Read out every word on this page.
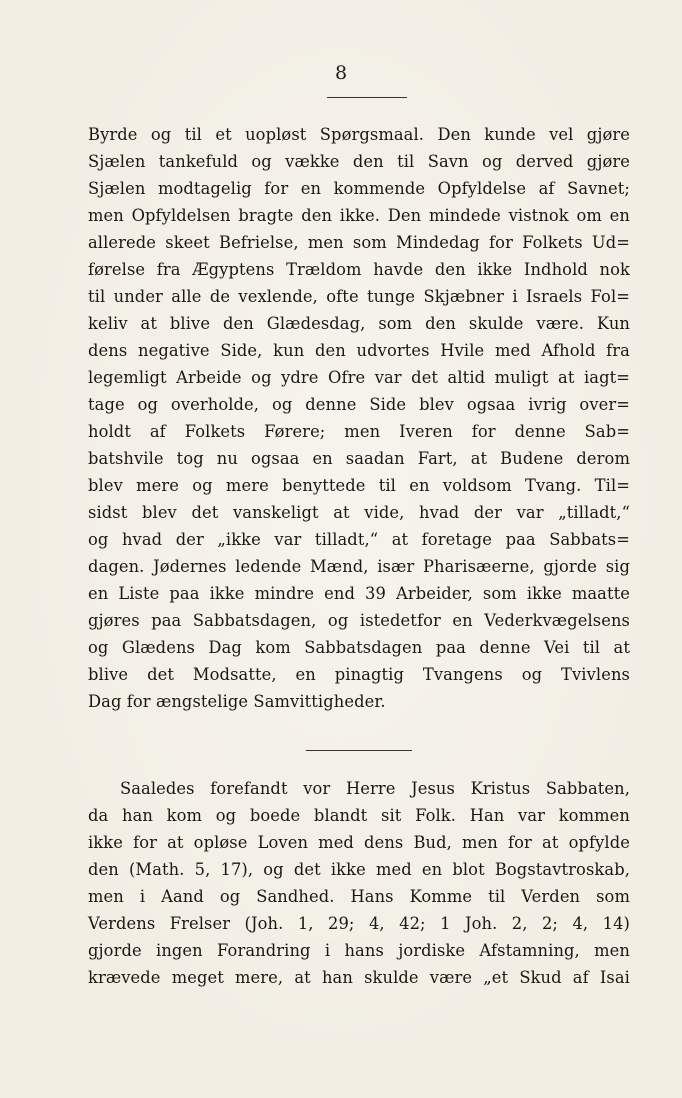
8
Byrde og til et uopløst Spørgsmaal. Den kunde vel gjøre
Sjælen tankefuld og vække den til Savn og derved gjøre
Sjælen modtagelig for en kommende Opfyldelse af Savnet;
men Opfyldelsen bragte den ikke. Den mindede vistnok om en
allerede skeet Befrielse, men som Mindedag for Folkets Ud=
førelse fra Ægyptens Trældom havde den ikke Indhold nok
til under alle de vexlende, ofte tunge Skjæbner i Israels Fol=
keliv at blive den Glædesdag, som den skulde være. Kun
dens negative Side, kun den udvortes Hvile med Afhold fra
legemligt Arbeide og ydre Ofre var det altid muligt at iagt=
tage og overholde, og denne Side blev ogsaa ivrig over=
holdt af Folkets Førere; men Iveren for denne Sab=
batshvile tog nu ogsaa en saadan Fart, at Budene derom
blev mere og mere benyttede til en voldsom Tvang. Til=
sidst blev det vanskeligt at vide, hvad der var „tilladt,“
og hvad der „ikke var tilladt,“ at foretage paa Sabbats=
dagen. Jødernes ledende Mænd, især Pharisæerne, gjorde sig
en Liste paa ikke mindre end 39 Arbeider, som ikke maatte
gjøres paa Sabbatsdagen, og istedetfor en Vederkvægelsens
og Glædens Dag kom Sabbatsdagen paa denne Vei til at
blive det Modsatte, en pinagtig Tvangens og Tvivlens
Dag for ængstelige Samvittigheder.
Saaledes forefandt vor Herre Jesus Kristus Sabbaten,
da han kom og boede blandt sit Folk. Han var kommen
ikke for at opløse Loven med dens Bud, men for at opfylde
den (Math. 5, 17), og det ikke med en blot Bogstavtroskab,
men i Aand og Sandhed. Hans Komme til Verden som
Verdens Frelser (Joh. 1, 29; 4, 42; 1 Joh. 2, 2; 4, 14)
gjorde ingen Forandring i hans jordiske Afstamning, men
krævede meget mere, at han skulde være „et Skud af Isai
